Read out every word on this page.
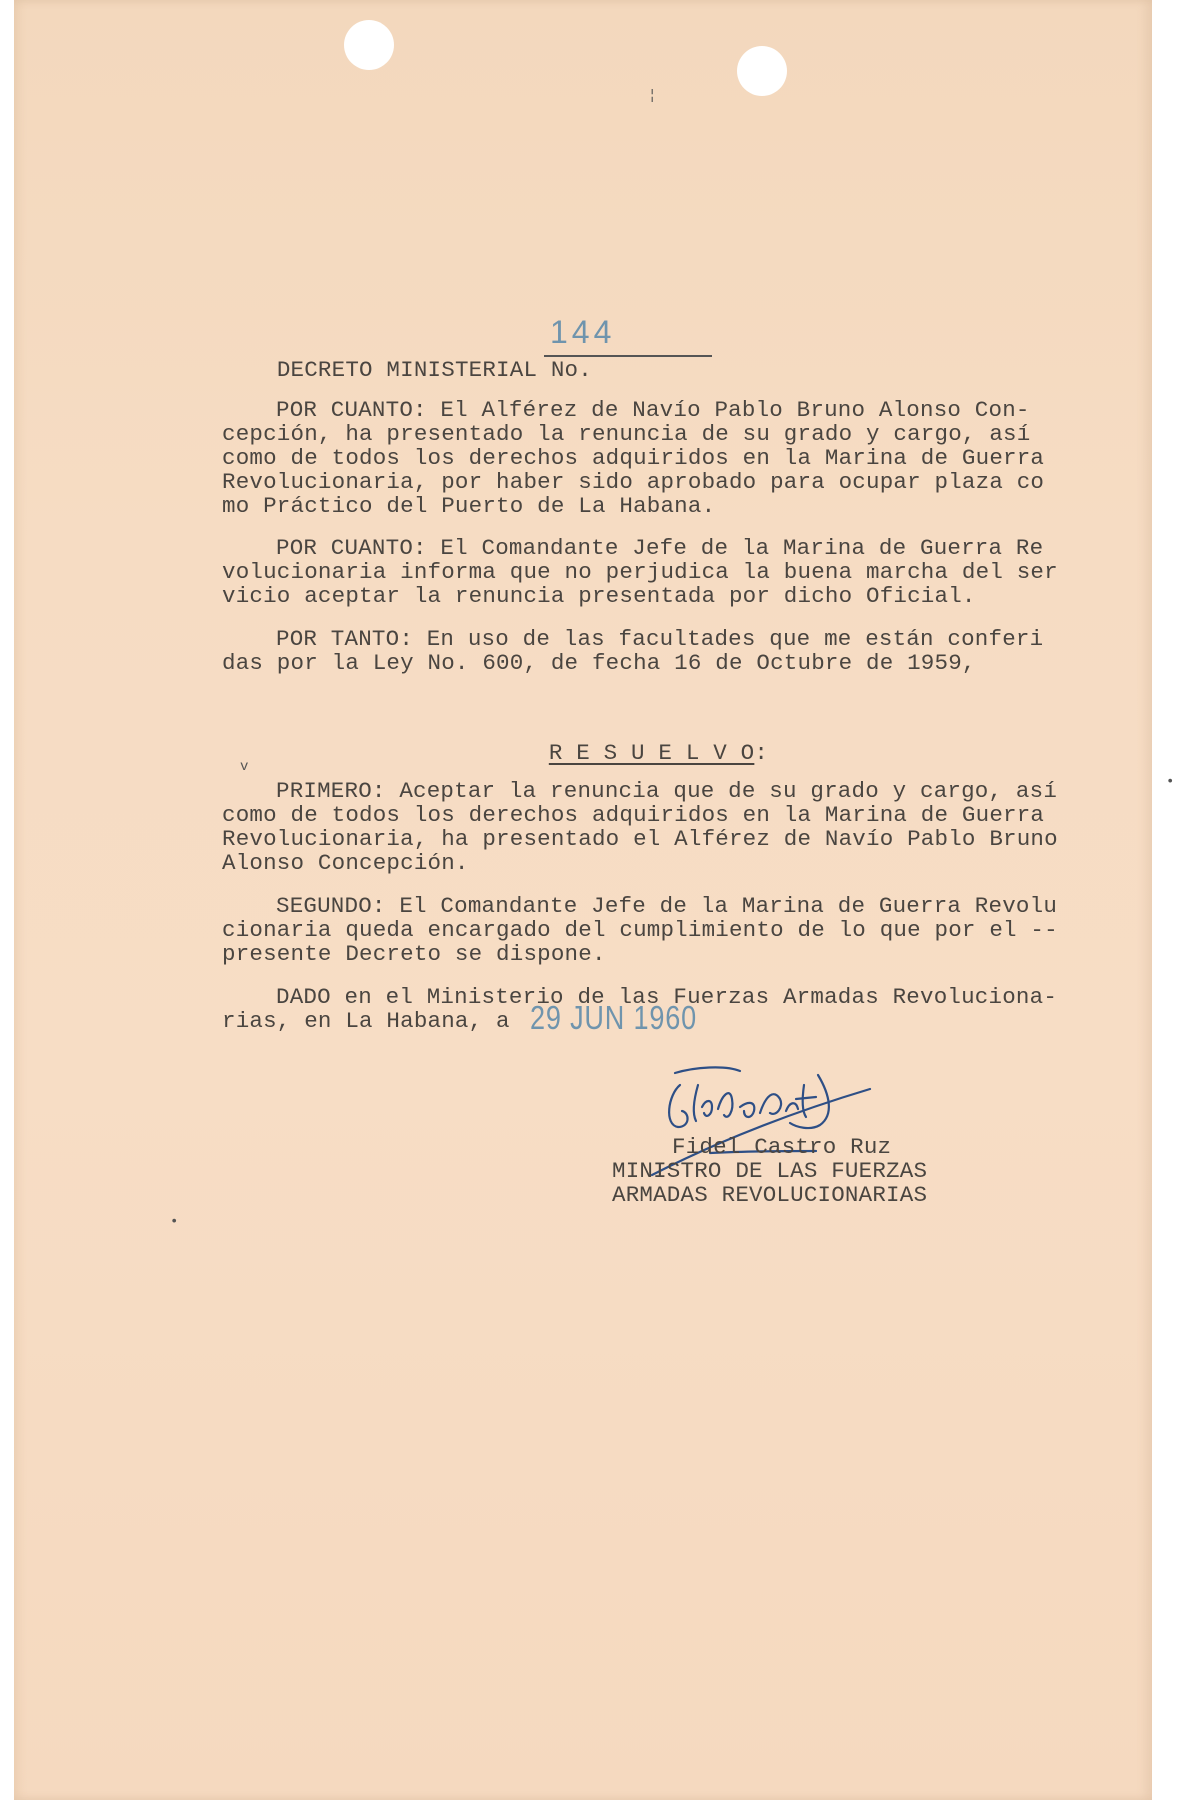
¦
v
•
•

DECRETO MINISTERIAL No.

144
POR CUANTO: El Alférez de Navío Pablo Bruno Alonso Con-
cepción, ha presentado la renuncia de su grado y cargo, así
como de todos los derechos adquiridos en la Marina de Guerra
Revolucionaria, por haber sido aprobado para ocupar plaza co
mo Práctico del Puerto de La Habana.
POR CUANTO: El Comandante Jefe de la Marina de Guerra Re
volucionaria informa que no perjudica la buena marcha del ser
vicio aceptar la renuncia presentada por dicho Oficial.
POR TANTO: En uso de las facultades que me están conferi
das por la Ley No. 600, de fecha 16 de Octubre de 1959,

R E S U E L V O:

PRIMERO: Aceptar la renuncia que de su grado y cargo, así
como de todos los derechos adquiridos en la Marina de Guerra
Revolucionaria, ha presentado el Alférez de Navío Pablo Bruno
Alonso Concepción.
SEGUNDO: El Comandante Jefe de la Marina de Guerra Revolu
cionaria queda encargado del cumplimiento de lo que por el --
presente Decreto se dispone.
DADO en el Ministerio de las Fuerzas Armadas Revoluciona-
rias, en La Habana, a 29 JUN 1960
Fidel Castro Ruz
MINISTRO DE LAS FUERZAS
ARMADAS REVOLUCIONARIAS
